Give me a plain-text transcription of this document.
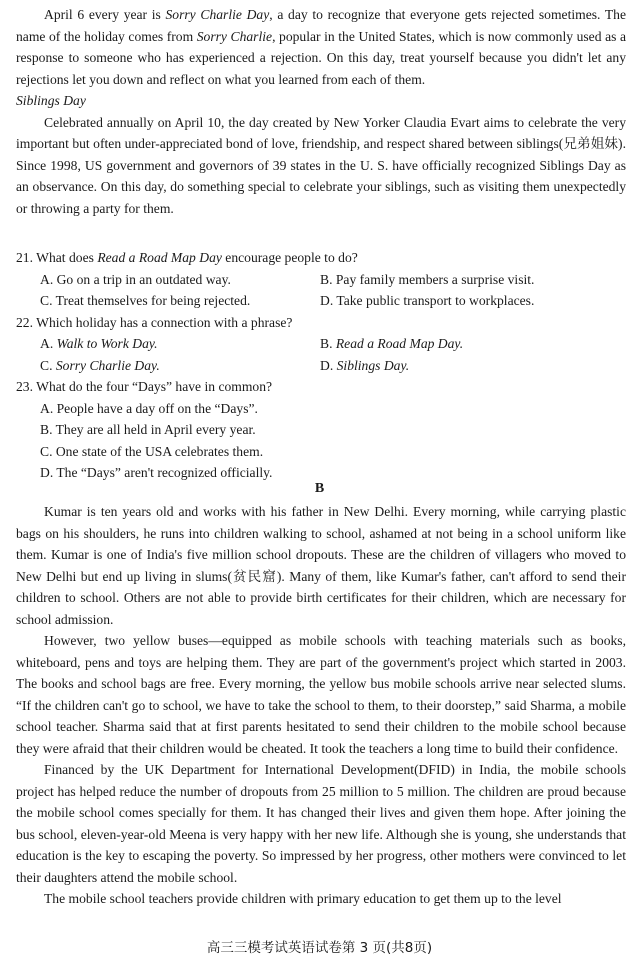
April 6 every year is Sorry Charlie Day, a day to recognize that everyone gets rejected sometimes. The name of the holiday comes from Sorry Charlie, popular in the United States, which is now commonly used as a response to someone who has experienced a rejection. On this day, treat yourself because you didn't let any rejections let you down and reflect on what you learned from each of them.

Siblings Day

Celebrated annually on April 10, the day created by New Yorker Claudia Evart aims to celebrate the very important but often under-appreciated bond of love, friendship, and respect shared between siblings(兄弟姐妹). Since 1998, US government and governors of 39 states in the U. S. have officially recognized Siblings Day as an observance. On this day, do something special to celebrate your siblings, such as visiting them unexpectedly or throwing a party for them.

21. What does Read a Road Map Day encourage people to do?

A. Go on a trip in an outdated way.	B. Pay family members a surprise visit.
C. Treat themselves for being rejected.	D. Take public transport to workplaces.

22. Which holiday has a connection with a phrase?

A. Walk to Work Day.	B. Read a Road Map Day.
C. Sorry Charlie Day.	D. Siblings Day.

23. What do the four “Days” have in common?

A. People have a day off on the “Days”.
B. They are all held in April every year.
C. One state of the USA celebrates them.
D. The “Days” aren't recognized officially.
B

Kumar is ten years old and works with his father in New Delhi. Every morning, while carrying plastic bags on his shoulders, he runs into children walking to school, ashamed at not being in a school uniform like them. Kumar is one of India's five million school dropouts. These are the children of villagers who moved to New Delhi but end up living in slums(贫民窟). Many of them, like Kumar's father, can't afford to send their children to school. Others are not able to provide birth certificates for their children, which are necessary for school admission.

However, two yellow buses—equipped as mobile schools with teaching materials such as books, whiteboard, pens and toys are helping them. They are part of the government's project which started in 2003. The books and school bags are free. Every morning, the yellow bus mobile schools arrive near selected slums. “If the children can't go to school, we have to take the school to them, to their doorstep,” said Sharma, a mobile school teacher. Sharma said that at first parents hesitated to send their children to the mobile school because they were afraid that their children would be cheated. It took the teachers a long time to build their confidence.

Financed by the UK Department for International Development(DFID) in India, the mobile schools project has helped reduce the number of dropouts from 25 million to 5 million. The children are proud because the mobile school comes specially for them. It has changed their lives and given them hope. After joining the bus school, eleven-year-old Meena is very happy with her new life. Although she is young, she understands that education is the key to escaping the poverty. So impressed by her progress, other mothers were convinced to let their daughters attend the mobile school.

The mobile school teachers provide children with primary education to get them up to the level

高三三模考试英语试卷第 3 页(共8页)
